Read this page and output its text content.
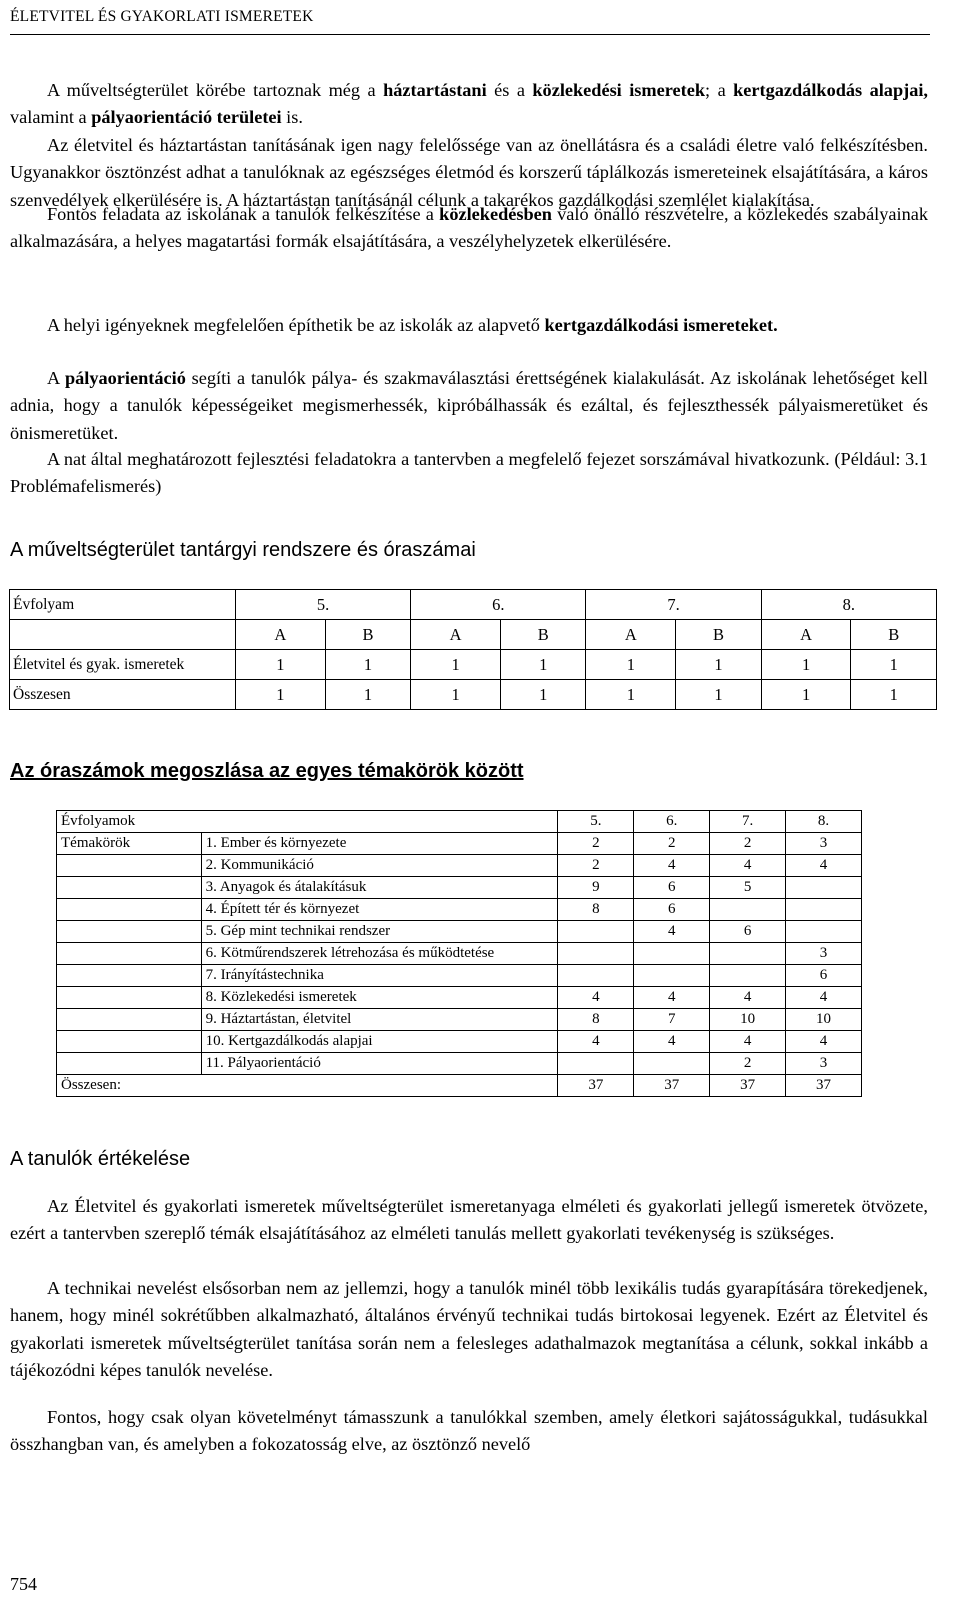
ÉLETVITEL ÉS GYAKORLATI ISMERETEK

A műveltségterület körébe tartoznak még a háztartástani és a közlekedési ismeretek; a kertgazdálkodás alapjai, valamint a pályaorientáció területei is.

Az életvitel és háztartástan tanításának igen nagy felelőssége van az önellátásra és a családi életre való felkészítésben. Ugyanakkor ösztönzést adhat a tanulóknak az egészséges életmód és korszerű táplálkozás ismereteinek elsajátítására, a káros szenvedélyek elkerülésére is. A háztartástan tanításánál célunk a takarékos gazdálkodási szemlélet kialakítása.

Fontos feladata az iskolának a tanulók felkészítése a közlekedésben való önálló részvételre, a közlekedés szabályainak alkalmazására, a helyes magatartási formák elsajátítására, a veszélyhelyzetek elkerülésére.

A helyi igényeknek megfelelően építhetik be az iskolák az alapvető kertgazdálkodási ismereteket.

A pályaorientáció segíti a tanulók pálya- és szakmaválasztási érettségének kialakulását. Az iskolának lehetőséget kell adnia, hogy a tanulók képességeiket megismerhessék, kipróbálhassák és ezáltal, és fejleszthessék pályaismeretüket és önismeretüket.

A nat által meghatározott fejlesztési feladatokra a tantervben a megfelelő fejezet sorszámával hivatkozunk. (Például: 3.1 Problémafelismerés)

A műveltségterület tantárgyi rendszere és óraszámai
Évfolyam	5.		6.		7.		8.	
	A	B	A	B	A	B	A	B
Életvitel és gyak. ismeretek	1	1	1	1	1	1	1	1
Összesen	1	1	1	1	1	1	1	1
Az óraszámok megoszlása az egyes témakörök között
Évfolyamok		5.	6.	7.	8.
Témakörök	1. Ember és környezete	2	2	2	3
	2. Kommunikáció	2	4	4	4
	3. Anyagok és átalakításuk	9	6	5	
	4. Épített tér és környezet	8	6		
	5. Gép mint technikai rendszer		4	6	
	6. Kötműrendszerek létrehozása és működtetése				3
	7. Irányítástechnika				6
	8. Közlekedési ismeretek	4	4	4	4
	9. Háztartástan, életvitel	8	7	10	10
	10. Kertgazdálkodás alapjai	4	4	4	4
	11. Pályaorientáció			2	3
Összesen:		37	37	37	37
A tanulók értékelése

Az Életvitel és gyakorlati ismeretek műveltségterület ismeretanyaga elméleti és gyakorlati jellegű ismeretek ötvözete, ezért a tantervben szereplő témák elsajátításához az elméleti tanulás mellett gyakorlati tevékenység is szükséges.

A technikai nevelést elsősorban nem az jellemzi, hogy a tanulók minél több lexikális tudás gyarapítására törekedjenek, hanem, hogy minél sokrétűbben alkalmazható, általános érvényű technikai tudás birtokosai legyenek. Ezért az Életvitel és gyakorlati ismeretek műveltségterület tanítása során nem a felesleges adathalmazok megtanítása a célunk, sokkal inkább a tájékozódni képes tanulók nevelése.

Fontos, hogy csak olyan követelményt támasszunk a tanulókkal szemben, amely életkori sajátosságukkal, tudásukkal összhangban van, és amelyben a fokozatosság elve, az ösztönző nevelő

754
